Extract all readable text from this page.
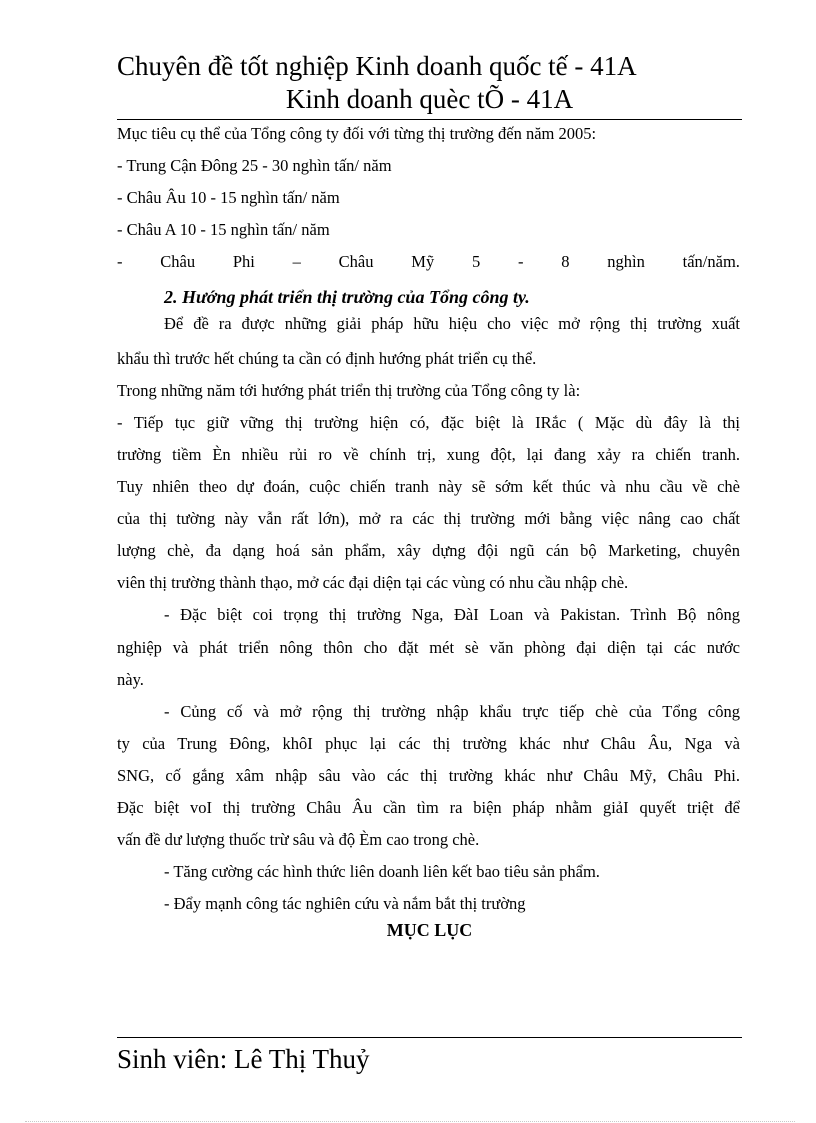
Chuyên đề tốt nghiệp Kinh doanh quốc tế - 41A
Kinh doanh quèc tÕ - 41A
Mục tiêu cụ thể của Tổng công ty đối với từng thị trường đến năm 2005:
- Trung Cận Đông 25 - 30 nghìn tấn/ năm
- Châu Âu 10 - 15 nghìn tấn/ năm
- Châu A 10 - 15 nghìn tấn/ năm
- Châu Phi – Châu Mỹ 5 - 8 nghìn tấn/năm.
2. Hướng phát triển thị trường của Tổng công ty.
Để đề ra được những giải pháp hữu hiệu cho việc mở rộng thị trường xuất
khẩu thì trước hết chúng ta cần có định hướng phát triển cụ thể.
Trong những năm tới hướng phát triển thị trường của Tổng công ty là:
- Tiếp tục giữ vững thị trường hiện có, đặc biệt là IRắc ( Mặc dù đây là thị
trường tiềm Èn nhiều rủi ro về chính trị, xung đột, lại đang xảy ra chiến tranh.
Tuy nhiên theo dự đoán, cuộc chiến tranh này sẽ sớm kết thúc và nhu cầu về chè
của thị tường này vẫn rất lớn), mở ra các thị trường mới bằng việc nâng cao chất
lượng chè, đa dạng hoá sản phẩm, xây dựng đội ngũ cán bộ Marketing, chuyên
viên thị trường thành thạo, mở các đại diện tại các vùng có nhu cầu nhập chè.
- Đặc biệt coi trọng thị trường Nga, ĐàI Loan và Pakistan. Trình Bộ nông
nghiệp và phát triển nông thôn cho đặt mét sè văn phòng đại diện tại các nước
này.
- Củng cố và mở rộng thị trường nhập khẩu trực tiếp chè của Tổng công
ty của Trung Đông, khôI phục lại các thị trường khác như Châu Âu, Nga và
SNG, cố gắng xâm nhập sâu vào các thị trường khác như Châu Mỹ, Châu Phi.
Đặc biệt voI thị trường Châu Âu cần tìm ra biện pháp nhằm giảI quyết triệt để
vấn đề dư lượng thuốc trừ sâu và độ Èm cao trong chè.
- Tăng cường các hình thức liên doanh liên kết bao tiêu sản phẩm.
- Đẩy mạnh công tác nghiên cứu và nắm bắt thị trường
MỤC LỤC
Sinh viên: Lê Thị Thuỷ
